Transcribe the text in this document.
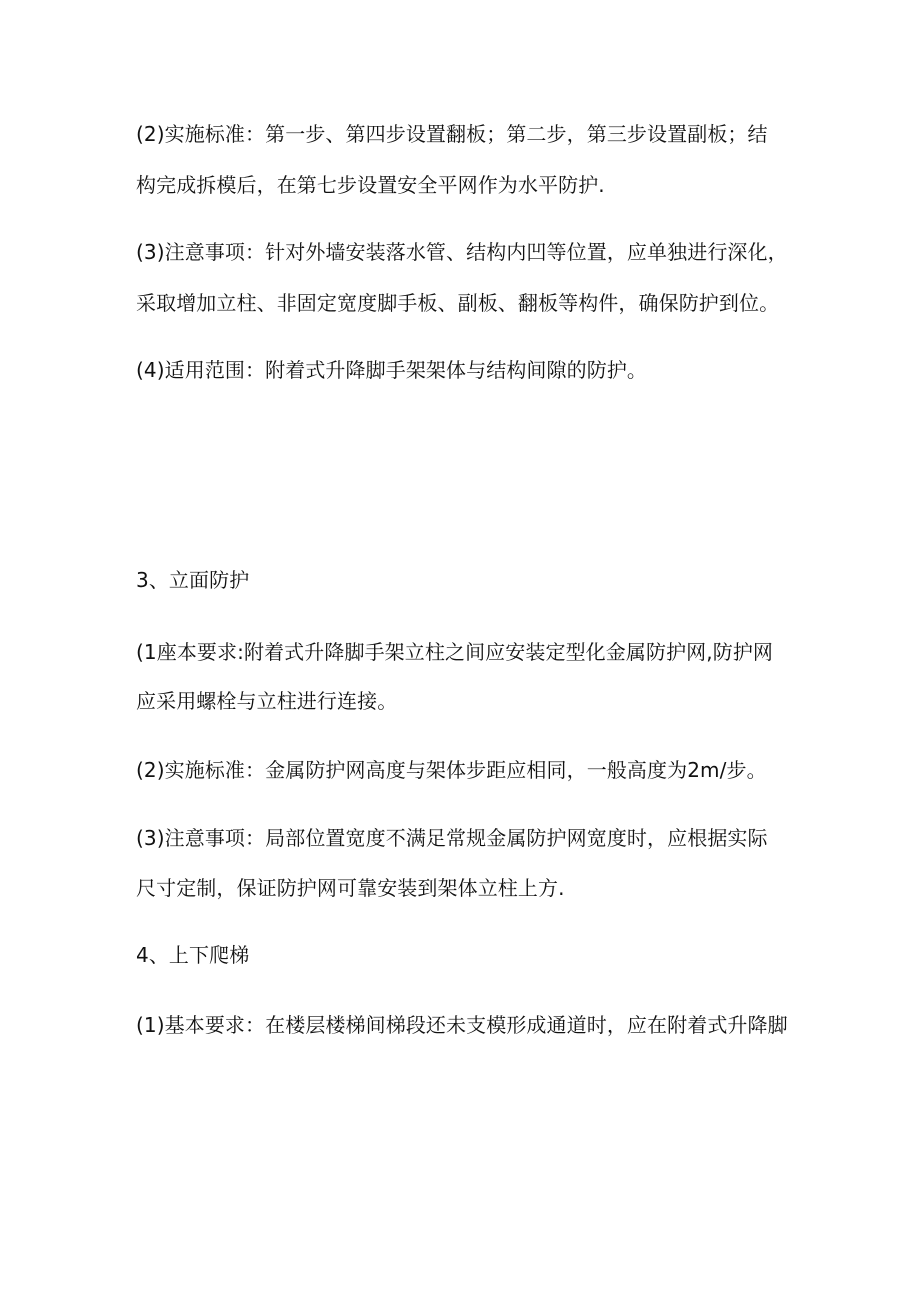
(2)实施标准：第一步、第四步设置翻板；第二步，第三步设置副板；结
构完成拆模后，在第七步设置安全平网作为水平防护.
(3)注意事项：针对外墙安装落水管、结构内凹等位置，应单独进行深化，
采取增加立柱、非固定宽度脚手板、副板、翻板等构件，确保防护到位。
(4)适用范围：附着式升降脚手架架体与结构间隙的防护。
3、立面防护
(1座本要求:附着式升降脚手架立柱之间应安装定型化金属防护网,防护网
应采用螺栓与立柱进行连接。
(2)实施标准：金属防护网高度与架体步距应相同，一般高度为2m/步。
(3)注意事项：局部位置宽度不满足常规金属防护网宽度时，应根据实际
尺寸定制，保证防护网可靠安装到架体立柱上方.
4、上下爬梯
(1)基本要求：在楼层楼梯间梯段还未支模形成通道时，应在附着式升降脚
